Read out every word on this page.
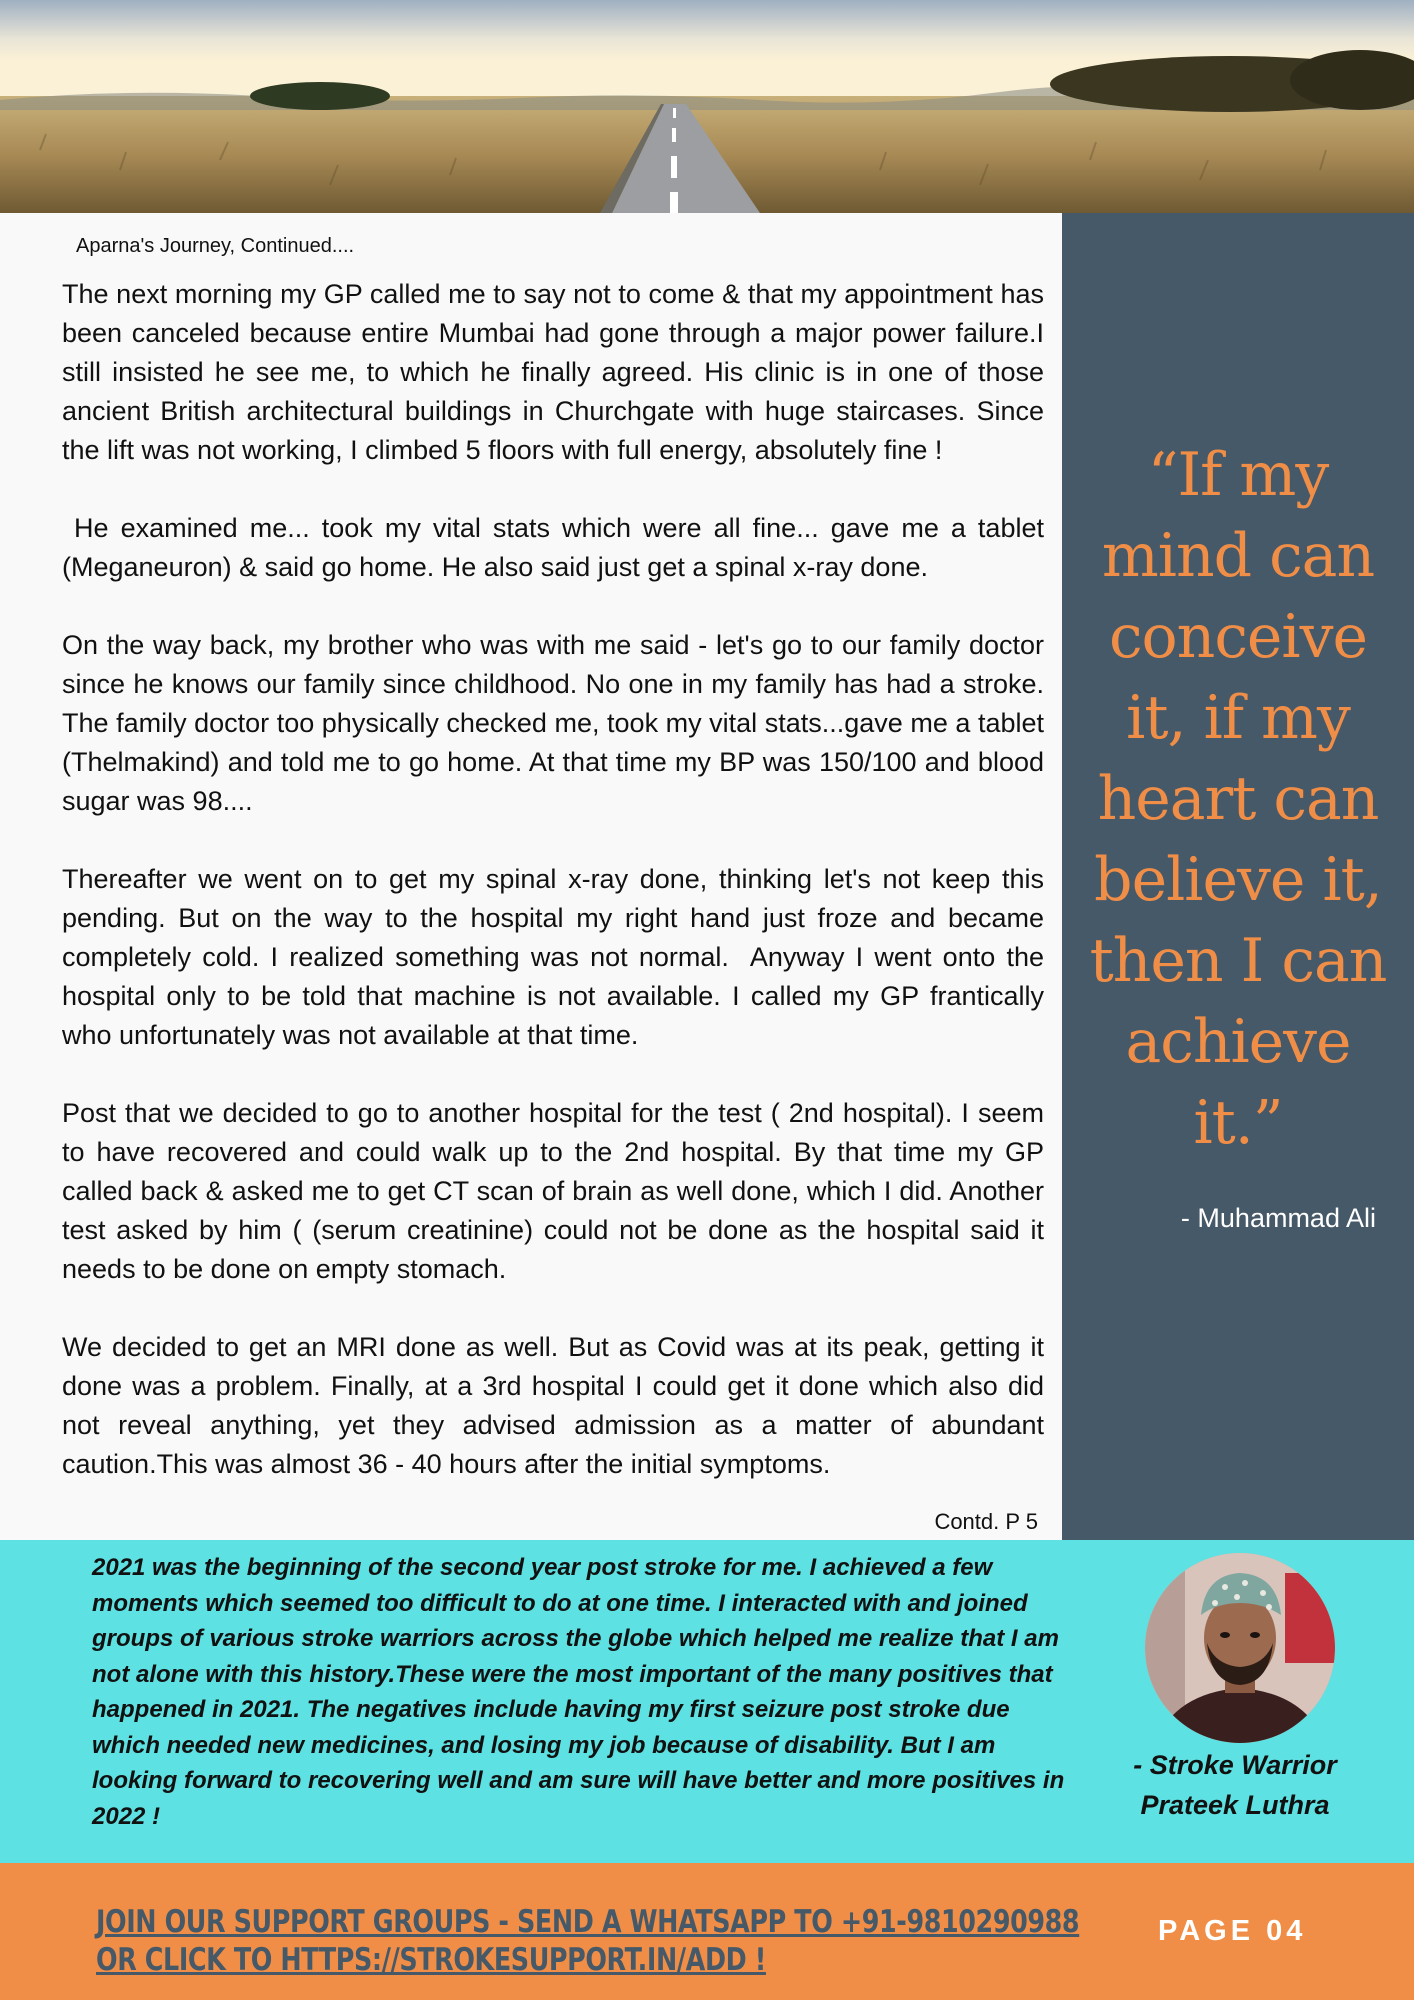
Aparna's Journey, Continued....

The next morning my GP called me to say not to come & that my appointment has been canceled because entire Mumbai had gone through a major power failure.I still insisted he see me, to which he finally agreed. His clinic is in one of those ancient British architectural buildings in Churchgate with huge staircases. Since the lift was not working, I climbed 5 floors with full energy, absolutely fine !

He examined me... took my vital stats which were all fine... gave me a tablet (Meganeuron) & said go home. He also said just get a spinal x-ray done.

On the way back, my brother who was with me said - let's go to our family doctor since he knows our family since childhood. No one in my family has had a stroke. The family doctor too physically checked me, took my vital stats...gave me a tablet (Thelmakind) and told me to go home. At that time my BP was 150/100 and blood sugar was 98....

Thereafter we went on to get my spinal x-ray done, thinking let's not keep this pending. But on the way to the hospital my right hand just froze and became completely cold. I realized something was not normal.  Anyway I went onto the hospital only to be told that machine is not available. I called my GP frantically who unfortunately was not available at that time.

Post that we decided to go to another hospital for the test ( 2nd hospital). I seem to have recovered and could walk up to the 2nd hospital. By that time my GP called back & asked me to get CT scan of brain as well done, which I did. Another test asked by him ( (serum creatinine) could not be done as the hospital said it needs to be done on empty stomach.

We decided to get an MRI done as well. But as Covid was at its peak, getting it done was a problem. Finally, at a 3rd hospital I could get it done which also did not reveal anything, yet they advised admission as a matter of abundant caution.This was almost 36 - 40 hours after the initial symptoms.

Contd. P 5
“If my
mind can
conceive
it, if my
heart can
believe it,
then I can
achieve
it.”
- Muhammad Ali
2021 was the beginning of the second year post stroke for me. I achieved a few moments which seemed too difficult to do at one time. I interacted with and joined groups of various stroke warriors across the globe which helped me realize that I am not alone with this history.These were the most important of the many positives that happened in 2021. The negatives include having my first seizure post stroke due which needed new medicines, and losing my job because of disability. But I am looking forward to recovering well and am sure will have better and more positives in 2022 !
- Stroke Warrior
Prateek Luthra
JOIN OUR SUPPORT GROUPS - SEND A WHATSAPP TO +91-9810290988
OR CLICK TO HTTPS://STROKESUPPORT.IN/ADD !
PAGE 04
